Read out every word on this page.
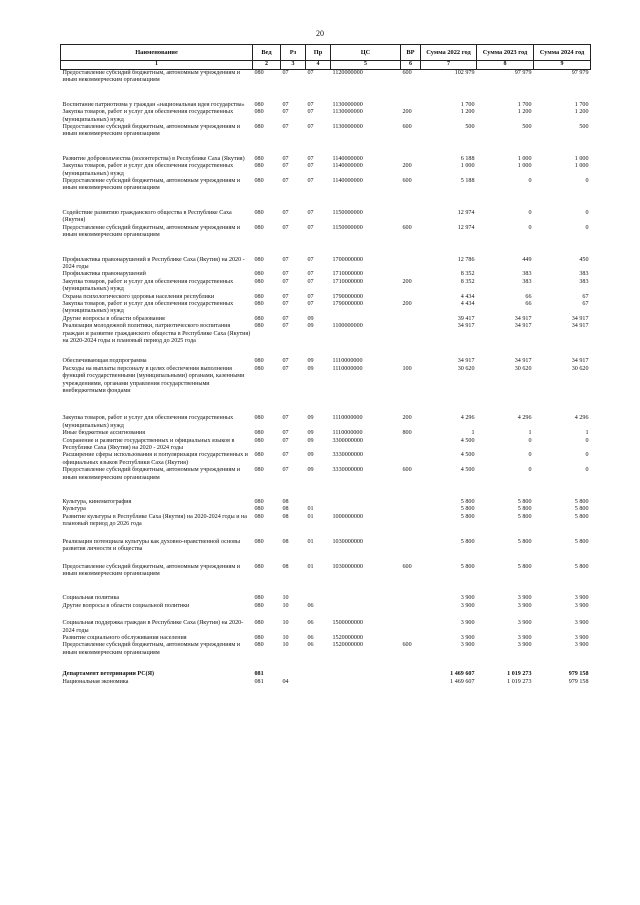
20
Наименование	Вед	Рз	Пр	ЦС	ВР	Сумма 2022 год	Сумма 2023 год	Сумма 2024 год
1	2	3	4	5	6	7	8	9
Предоставление субсидий бюджетным, автономным учреждениям и иным некоммерческим организациям	080	07	07	1120000000	600	102 979	97 979	97 979

Воспитание патриотизма у граждан «национальная идея государства»	080	07	07	1130000000		1 700	1 700	1 700
Закупка товаров, работ и услуг для обеспечения государственных (муниципальных) нужд	080	07	07	1130000000	200	1 200	1 200	1 200
Предоставление субсидий бюджетным, автономным учреждениям и иным некоммерческим организациям	080	07	07	1130000000	600	500	500	500

Развитие добровольчества (волонтерства) в Республике Саха (Якутия)	080	07	07	1140000000		6 188	1 000	1 000
Закупка товаров, работ и услуг для обеспечения государственных (муниципальных) нужд	080	07	07	1140000000	200	1 000	1 000	1 000
Предоставление субсидий бюджетным, автономным учреждениям и иным некоммерческим организациям	080	07	07	1140000000	600	5 188	0	0

Содействие развитию гражданского общества в Республике Саха (Якутия)	080	07	07	1150000000		12 974	0	0
Предоставление субсидий бюджетным, автономным учреждениям и иным некоммерческим организациям	080	07	07	1150000000	600	12 974	0	0

Профилактика правонарушений в Республике Саха (Якутия) на 2020 - 2024 годы	080	07	07	1700000000		12 786	449	450
Профилактика правонарушений	080	07	07	1710000000		8 352	383	383
Закупка товаров, работ и услуг для обеспечения государственных (муниципальных) нужд	080	07	07	1710000000	200	8 352	383	383
Охрана психологического здоровья населения республики	080	07	07	1790000000		4 434	66	67
Закупка товаров, работ и услуг для обеспечения государственных (муниципальных) нужд	080	07	07	1790000000	200	4 434	66	67
Другие вопросы в области образования	080	07	09			39 417	34 917	34 917
Реализация молодежной политики, патриотического воспитания граждан и развитие гражданского общества в Республике Саха (Якутия) на 2020-2024 годы и плановый период до 2025 года	080	07	09	1100000000		34 917	34 917	34 917

Обеспечивающая подпрограмма	080	07	09	1110000000		34 917	34 917	34 917
Расходы на выплаты персоналу в целях обеспечения выполнения функций государственными (муниципальными) органами, казенными учреждениями, органами управления государственными внебюджетными фондами	080	07	09	1110000000	100	30 620	30 620	30 620

Закупка товаров, работ и услуг для обеспечения государственных (муниципальных) нужд	080	07	09	1110000000	200	4 296	4 296	4 296
Иные бюджетные ассигнования	080	07	09	1110000000	800	1	1	1
Сохранение и развитие государственных и официальных языков в Республике Саха (Якутия) на 2020 - 2024 годы	080	07	09	3300000000		4 500	0	0
Расширение сферы использования и популяризация государственных и официальных языков Республики Саха (Якутия)	080	07	09	3330000000		4 500	0	0
Предоставление субсидий бюджетным, автономным учреждениям и иным некоммерческим организациям	080	07	09	3330000000	600	4 500	0	0

Культура, кинематография	080	08				5 800	5 800	5 800
Культура	080	08	01			5 800	5 800	5 800
Развитие культуры в Республике Саха (Якутия) на 2020-2024 годы и на плановый период до 2026 года	080	08	01	1000000000		5 800	5 800	5 800

Реализация потенциала культуры как духовно-нравственной основы развития личности и общества	080	08	01	1030000000		5 800	5 800	5 800

Предоставление субсидий бюджетным, автономным учреждениям и иным некоммерческим организациям	080	08	01	1030000000	600	5 800	5 800	5 800

Социальная политика	080	10				3 900	3 900	3 900
Другие вопросы в области социальной политики	080	10	06			3 900	3 900	3 900

Социальная поддержка граждан в Республике Саха (Якутия) на 2020-2024 годы	080	10	06	1500000000		3 900	3 900	3 900
Развитие социального обслуживания населения	080	10	06	1520000000		3 900	3 900	3 900
Предоставление субсидий бюджетным, автономным учреждениям и иным некоммерческим организациям	080	10	06	1520000000	600	3 900	3 900	3 900

Департамент ветеринарии РС(Я)	081					1 469 607	1 019 273	979 158
Национальная экономика	081	04				1 469 607	1 019 273	979 158
